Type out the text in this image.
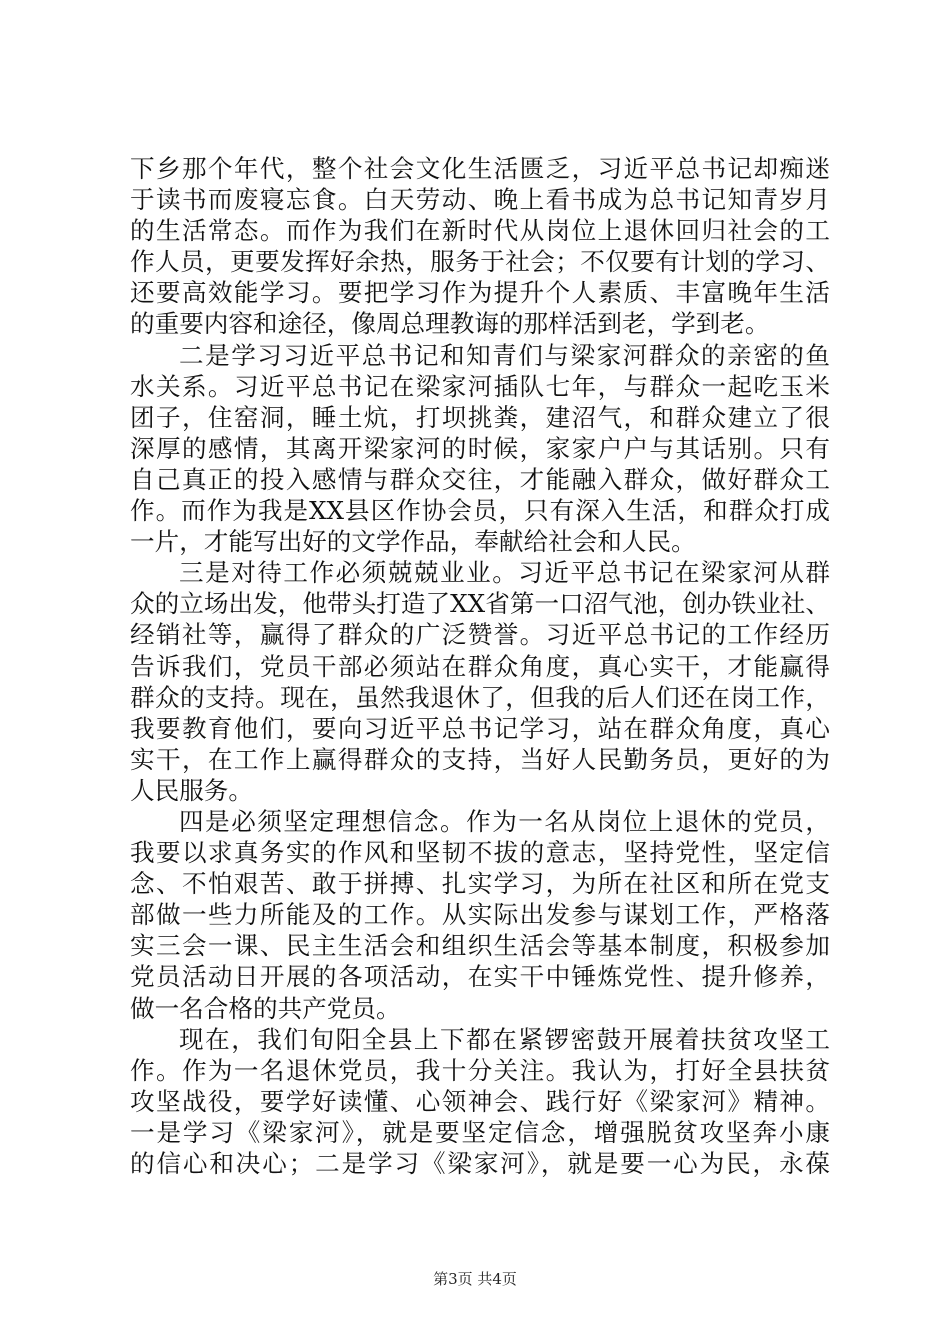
下乡那个年代，整个社会文化生活匮乏，习近平总书记却痴迷
于读书而废寝忘食。白天劳动、晚上看书成为总书记知青岁月
的生活常态。而作为我们在新时代从岗位上退休回归社会的工
作人员，更要发挥好余热，服务于社会；不仅要有计划的学习、
还要高效能学习。要把学习作为提升个人素质、丰富晚年生活
的重要内容和途径，像周总理教诲的那样活到老，学到老。
二是学习习近平总书记和知青们与梁家河群众的亲密的鱼
水关系。习近平总书记在梁家河插队七年，与群众一起吃玉米
团子，住窑洞，睡土炕，打坝挑粪，建沼气，和群众建立了很
深厚的感情，其离开梁家河的时候，家家户户与其话别。只有
自己真正的投入感情与群众交往，才能融入群众，做好群众工
作。而作为我是XX县区作协会员，只有深入生活，和群众打成
一片，才能写出好的文学作品，奉献给社会和人民。
三是对待工作必须兢兢业业。习近平总书记在梁家河从群
众的立场出发，他带头打造了XX省第一口沼气池，创办铁业社、
经销社等，赢得了群众的广泛赞誉。习近平总书记的工作经历
告诉我们，党员干部必须站在群众角度，真心实干，才能赢得
群众的支持。现在，虽然我退休了，但我的后人们还在岗工作，
我要教育他们，要向习近平总书记学习，站在群众角度，真心
实干，在工作上赢得群众的支持，当好人民勤务员，更好的为
人民服务。
四是必须坚定理想信念。作为一名从岗位上退休的党员，
我要以求真务实的作风和坚韧不拔的意志，坚持党性，坚定信
念、不怕艰苦、敢于拼搏、扎实学习，为所在社区和所在党支
部做一些力所能及的工作。从实际出发参与谋划工作，严格落
实三会一课、民主生活会和组织生活会等基本制度，积极参加
党员活动日开展的各项活动，在实干中锤炼党性、提升修养，
做一名合格的共产党员。
现在，我们旬阳全县上下都在紧锣密鼓开展着扶贫攻坚工
作。作为一名退休党员，我十分关注。我认为，打好全县扶贫
攻坚战役，要学好读懂、心领神会、践行好《梁家河》精神。
一是学习《梁家河》，就是要坚定信念，增强脱贫攻坚奔小康
的信心和决心；二是学习《梁家河》，就是要一心为民，永葆
第3页 共4页
